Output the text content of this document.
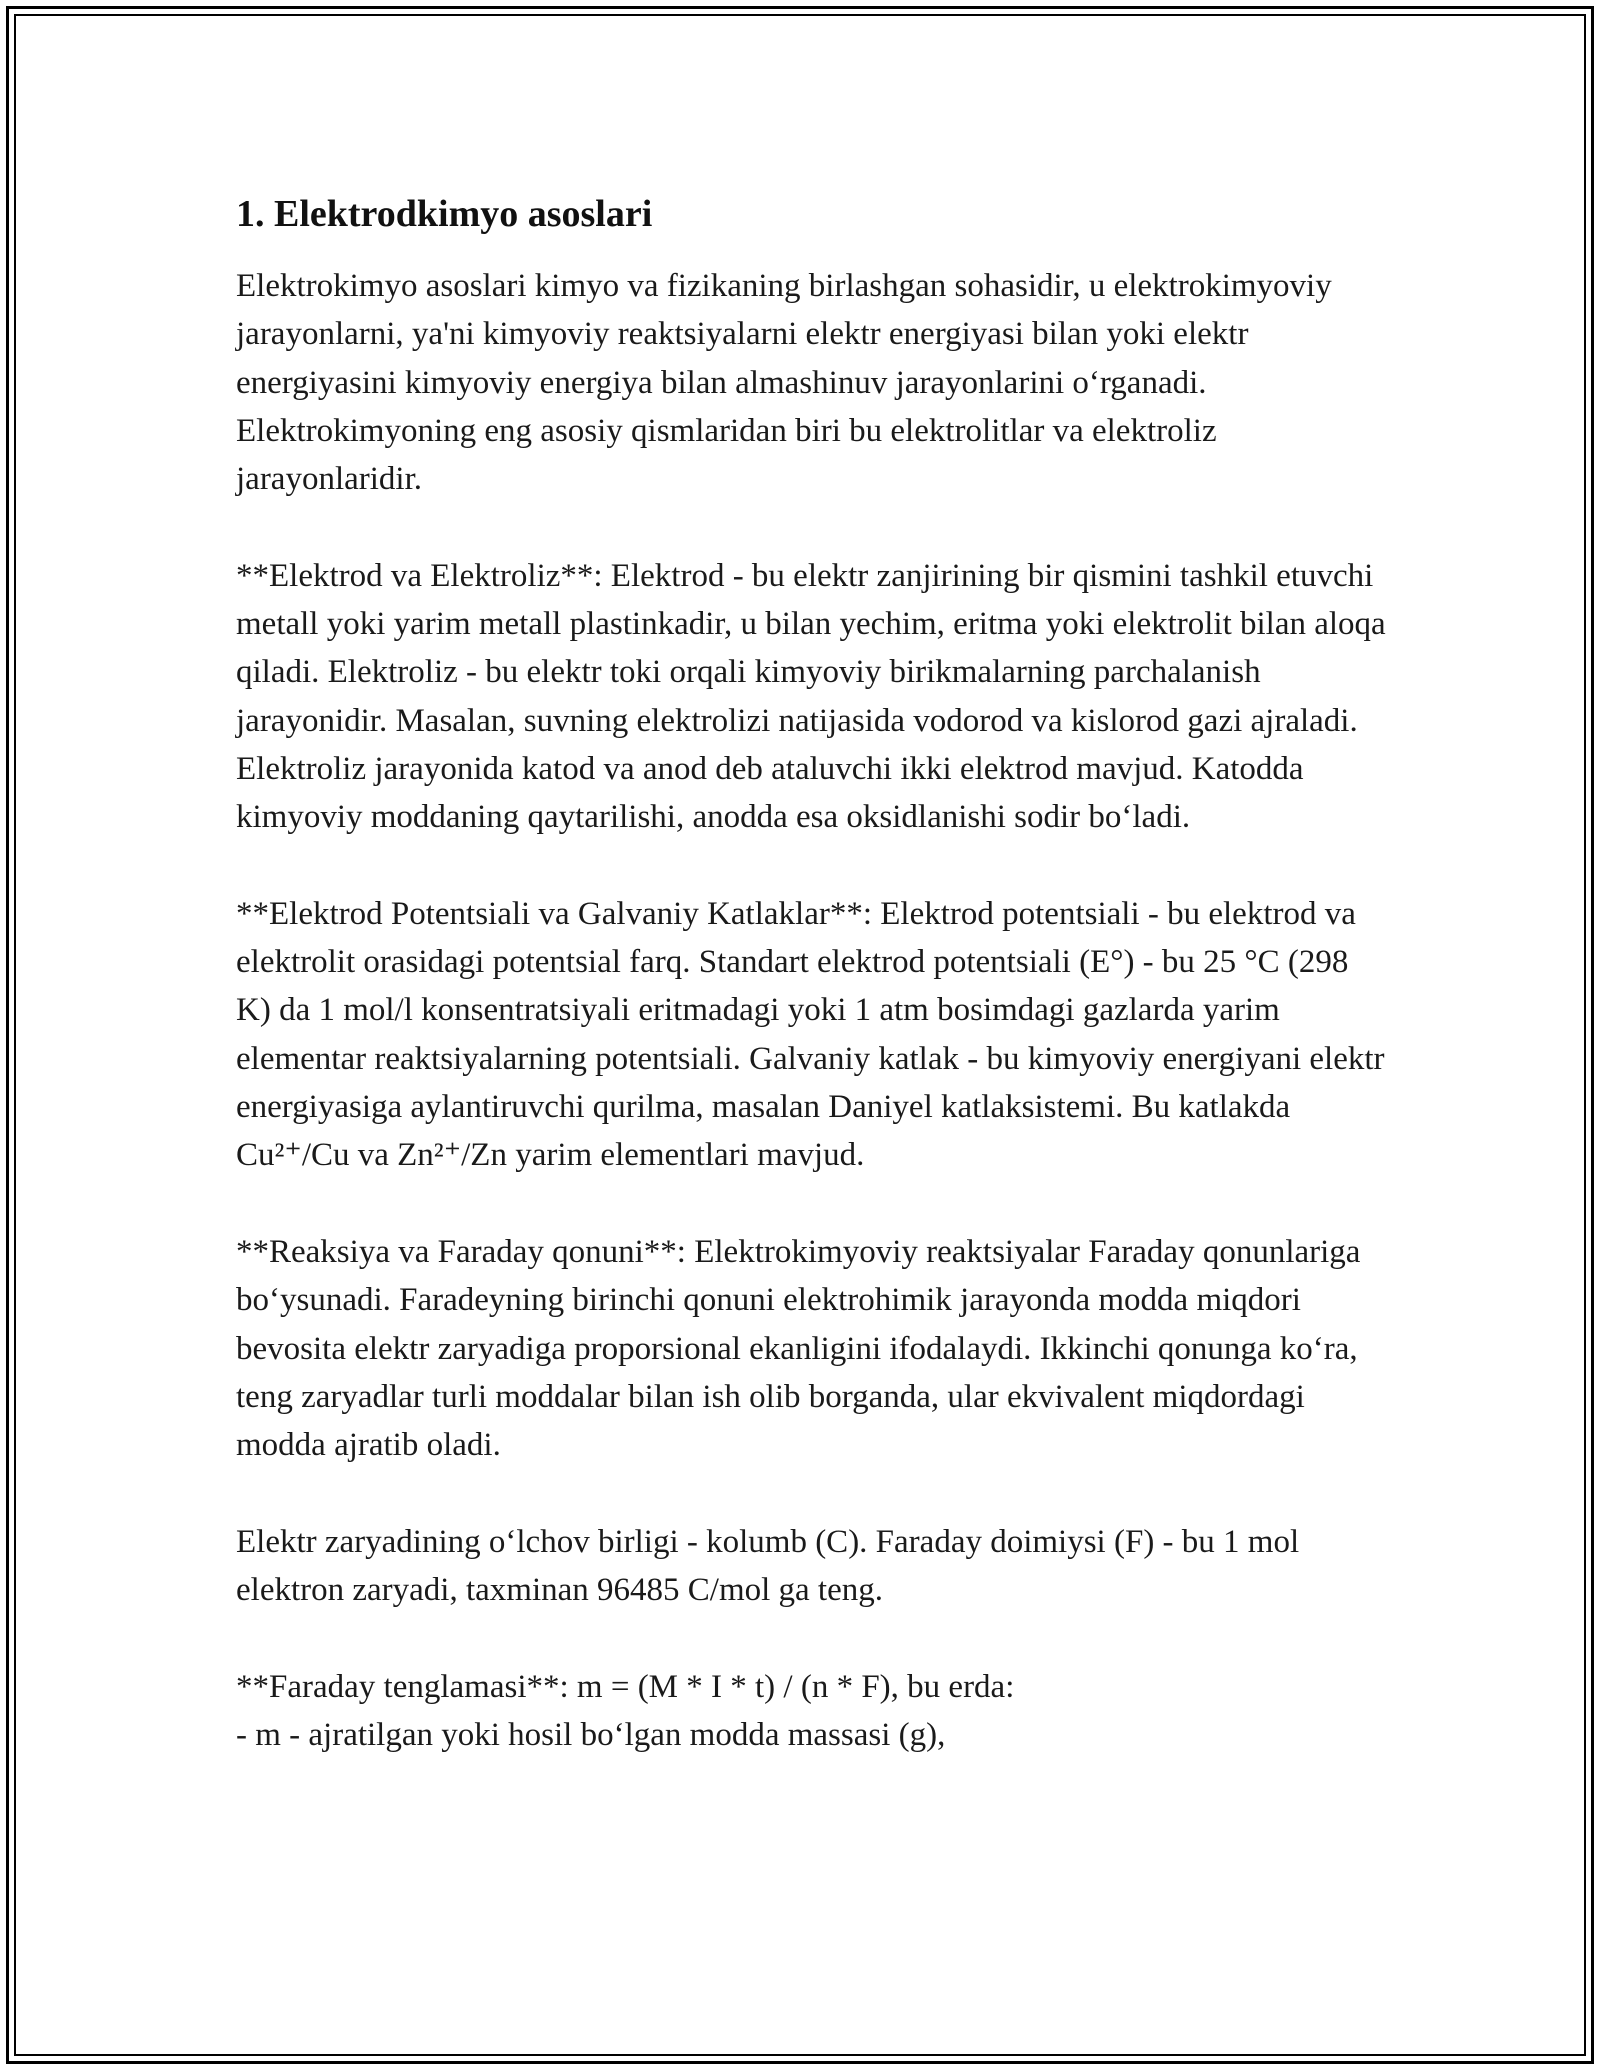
1. Elektrodkimyo asoslari

Elektrokimyo asoslari kimyo va fizikaning birlashgan sohasidir, u elektrokimyoviy jarayonlarni, ya'ni kimyoviy reaktsiyalarni elektr energiyasi bilan yoki elektr energiyasini kimyoviy energiya bilan almashinuv jarayonlarini o‘rganadi. Elektrokimyoning eng asosiy qismlaridan biri bu elektrolitlar va elektroliz jarayonlaridir.

**Elektrod va Elektroliz**: Elektrod - bu elektr zanjirining bir qismini tashkil etuvchi metall yoki yarim metall plastinkadir, u bilan yechim, eritma yoki elektrolit bilan aloqa qiladi. Elektroliz - bu elektr toki orqali kimyoviy birikmalarning parchalanish jarayonidir. Masalan, suvning elektrolizi natijasida vodorod va kislorod gazi ajraladi. Elektroliz jarayonida katod va anod deb ataluvchi ikki elektrod mavjud. Katodda kimyoviy moddaning qaytarilishi, anodda esa oksidlanishi sodir bo‘ladi.

**Elektrod Potentsiali va Galvaniy Katlaklar**: Elektrod potentsiali - bu elektrod va elektrolit orasidagi potentsial farq. Standart elektrod potentsiali (E°) - bu 25 °C (298 K) da 1 mol/l konsentratsiyali eritmadagi yoki 1 atm bosimdagi gazlarda yarim elementar reaktsiyalarning potentsiali. Galvaniy katlak - bu kimyoviy energiyani elektr energiyasiga aylantiruvchi qurilma, masalan Daniyel katlaksistemi. Bu katlakda Cu²⁺/Cu va Zn²⁺/Zn yarim elementlari mavjud.

**Reaksiya va Faraday qonuni**: Elektrokimyoviy reaktsiyalar Faraday qonunlariga bo‘ysunadi. Faradeyning birinchi qonuni elektrohimik jarayonda modda miqdori bevosita elektr zaryadiga proporsional ekanligini ifodalaydi. Ikkinchi qonunga ko‘ra, teng zaryadlar turli moddalar bilan ish olib borganda, ular ekvivalent miqdordagi modda ajratib oladi.

Elektr zaryadining o‘lchov birligi - kolumb (C). Faraday doimiysi (F) - bu 1 mol elektron zaryadi, taxminan 96485 C/mol ga teng.

**Faraday tenglamasi**: m = (M * I * t) / (n * F), bu erda:
- m - ajratilgan yoki hosil bo‘lgan modda massasi (g),
